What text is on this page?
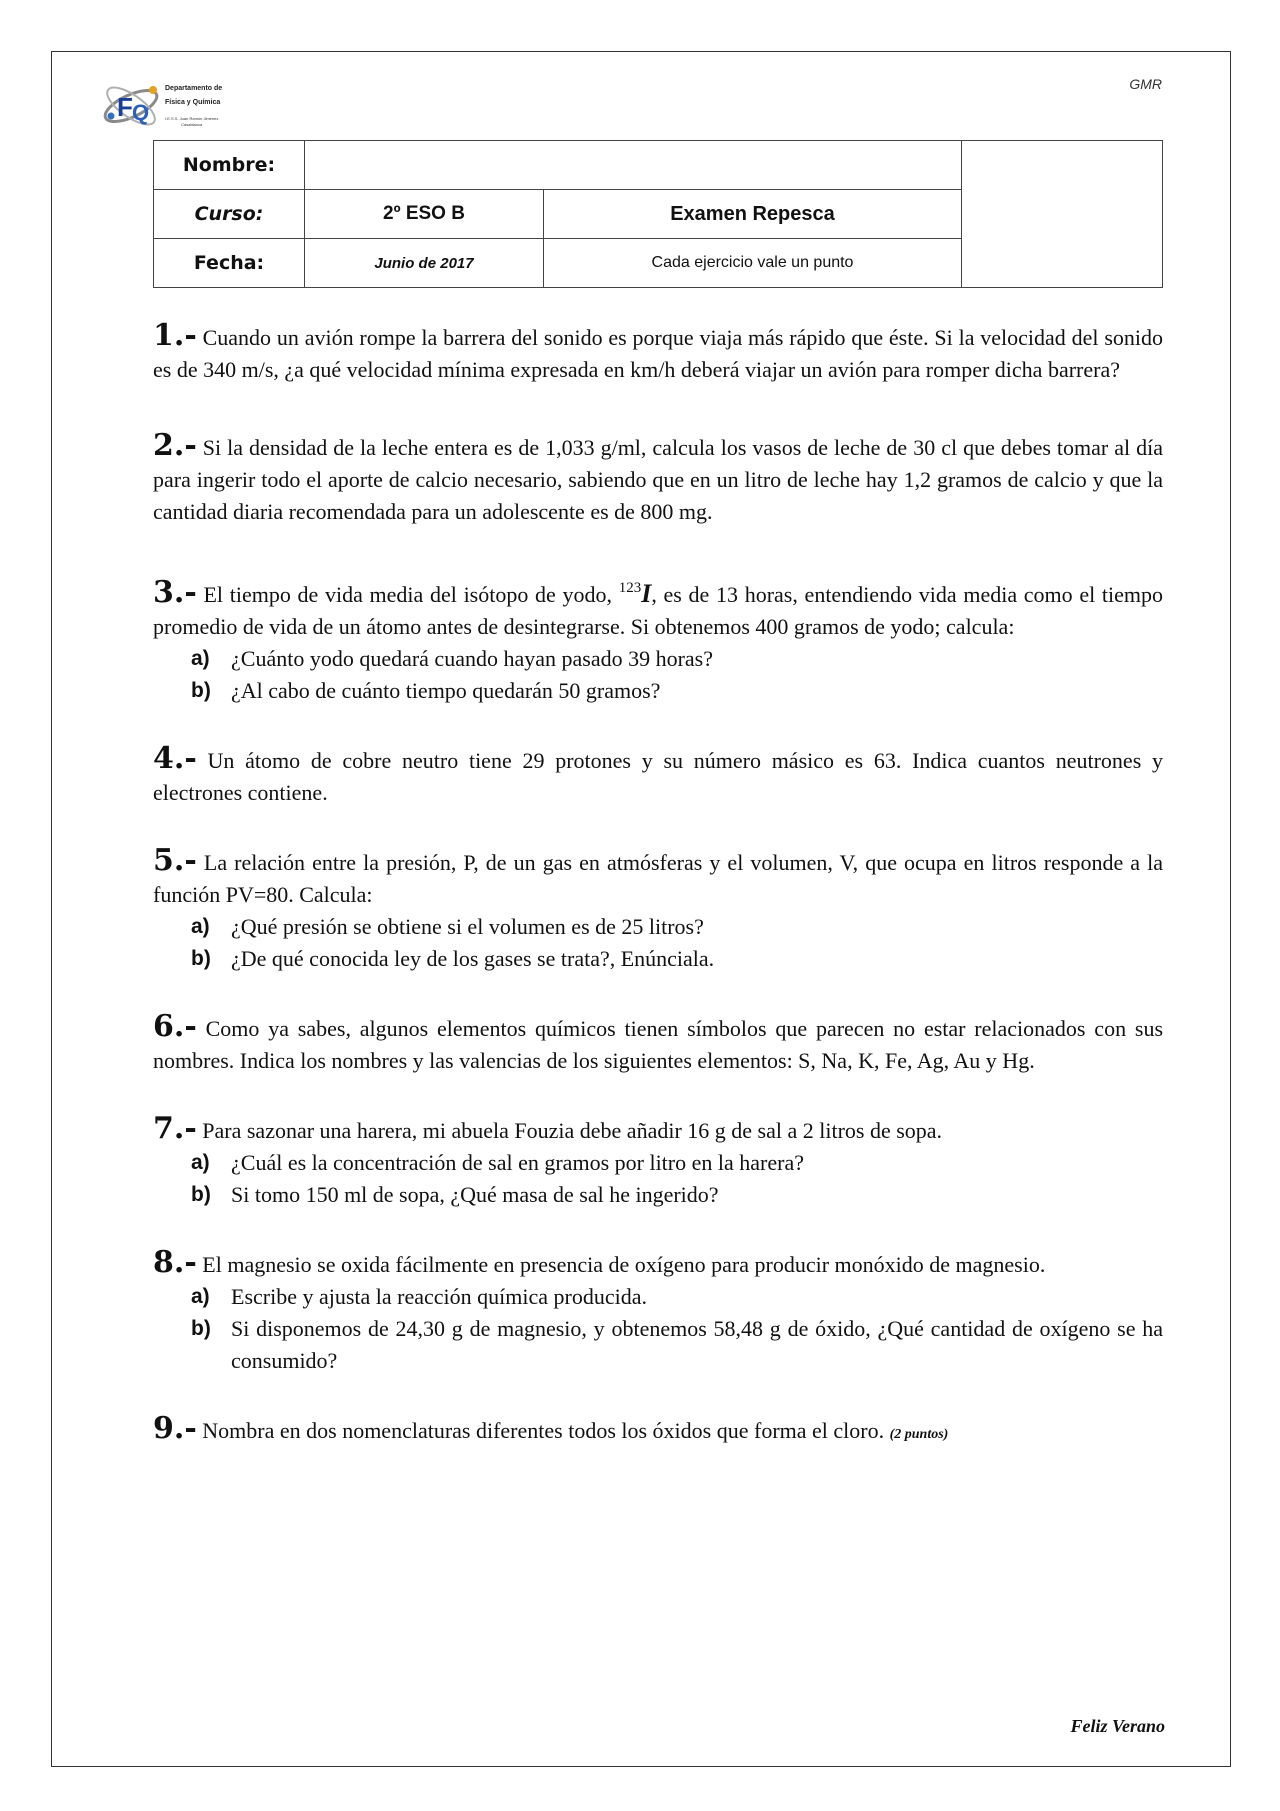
F Q
Departamento de
Física y Química
I.E.S.S. Juan Ramón Jiménez
Casablanca
GMR
Nombre:			
Curso:	2º ESO B	Examen Repesca	
Fecha:	Junio de 2017	Cada ejercicio vale un punto	

1.- Cuando un avión rompe la barrera del sonido es porque viaja más rápido que éste. Si la velocidad del sonido es de 340 m/s, ¿a qué velocidad mínima expresada en km/h deberá viajar un avión para romper dicha barrera?

2.- Si la densidad de la leche entera es de 1,033 g/ml, calcula los vasos de leche de 30 cl que debes tomar al día para ingerir todo el aporte de calcio necesario, sabiendo que en un litro de leche hay 1,2 gramos de calcio y que la cantidad diaria recomendada para un adolescente es de 800 mg.

3.- El tiempo de vida media del isótopo de yodo, $^{123}$I, es de 13 horas, entendiendo vida media como el tiempo promedio de vida de un átomo antes de desintegrarse. Si obtenemos 400 gramos de yodo; calcula:

a) ¿Cuánto yodo quedará cuando hayan pasado 39 horas?

b) ¿Al cabo de cuánto tiempo quedarán 50 gramos?

4.- Un átomo de cobre neutro tiene 29 protones y su número másico es 63. Indica cuantos neutrones y electrones contiene.

5.- La relación entre la presión, P, de un gas en atmósferas y el volumen, V, que ocupa en litros responde a la función PV=80. Calcula:

a) ¿Qué presión se obtiene si el volumen es de 25 litros?

b) ¿De qué conocida ley de los gases se trata?, Enúnciala.

6.- Como ya sabes, algunos elementos químicos tienen símbolos que parecen no estar relacionados con sus nombres. Indica los nombres y las valencias de los siguientes elementos: S, Na, K, Fe, Ag, Au y Hg.

7.- Para sazonar una harera, mi abuela Fouzia debe añadir 16 g de sal a 2 litros de sopa.

a) ¿Cuál es la concentración de sal en gramos por litro en la harera?

b) Si tomo 150 ml de sopa, ¿Qué masa de sal he ingerido?

8.- El magnesio se oxida fácilmente en presencia de oxígeno para producir monóxido de magnesio.

a) Escribe y ajusta la reacción química producida.

b) Si disponemos de 24,30 g de magnesio, y obtenemos 58,48 g de óxido, ¿Qué cantidad de oxígeno se ha consumido?

9.- Nombra en dos nomenclaturas diferentes todos los óxidos que forma el cloro. (2 puntos)

Feliz Verano
